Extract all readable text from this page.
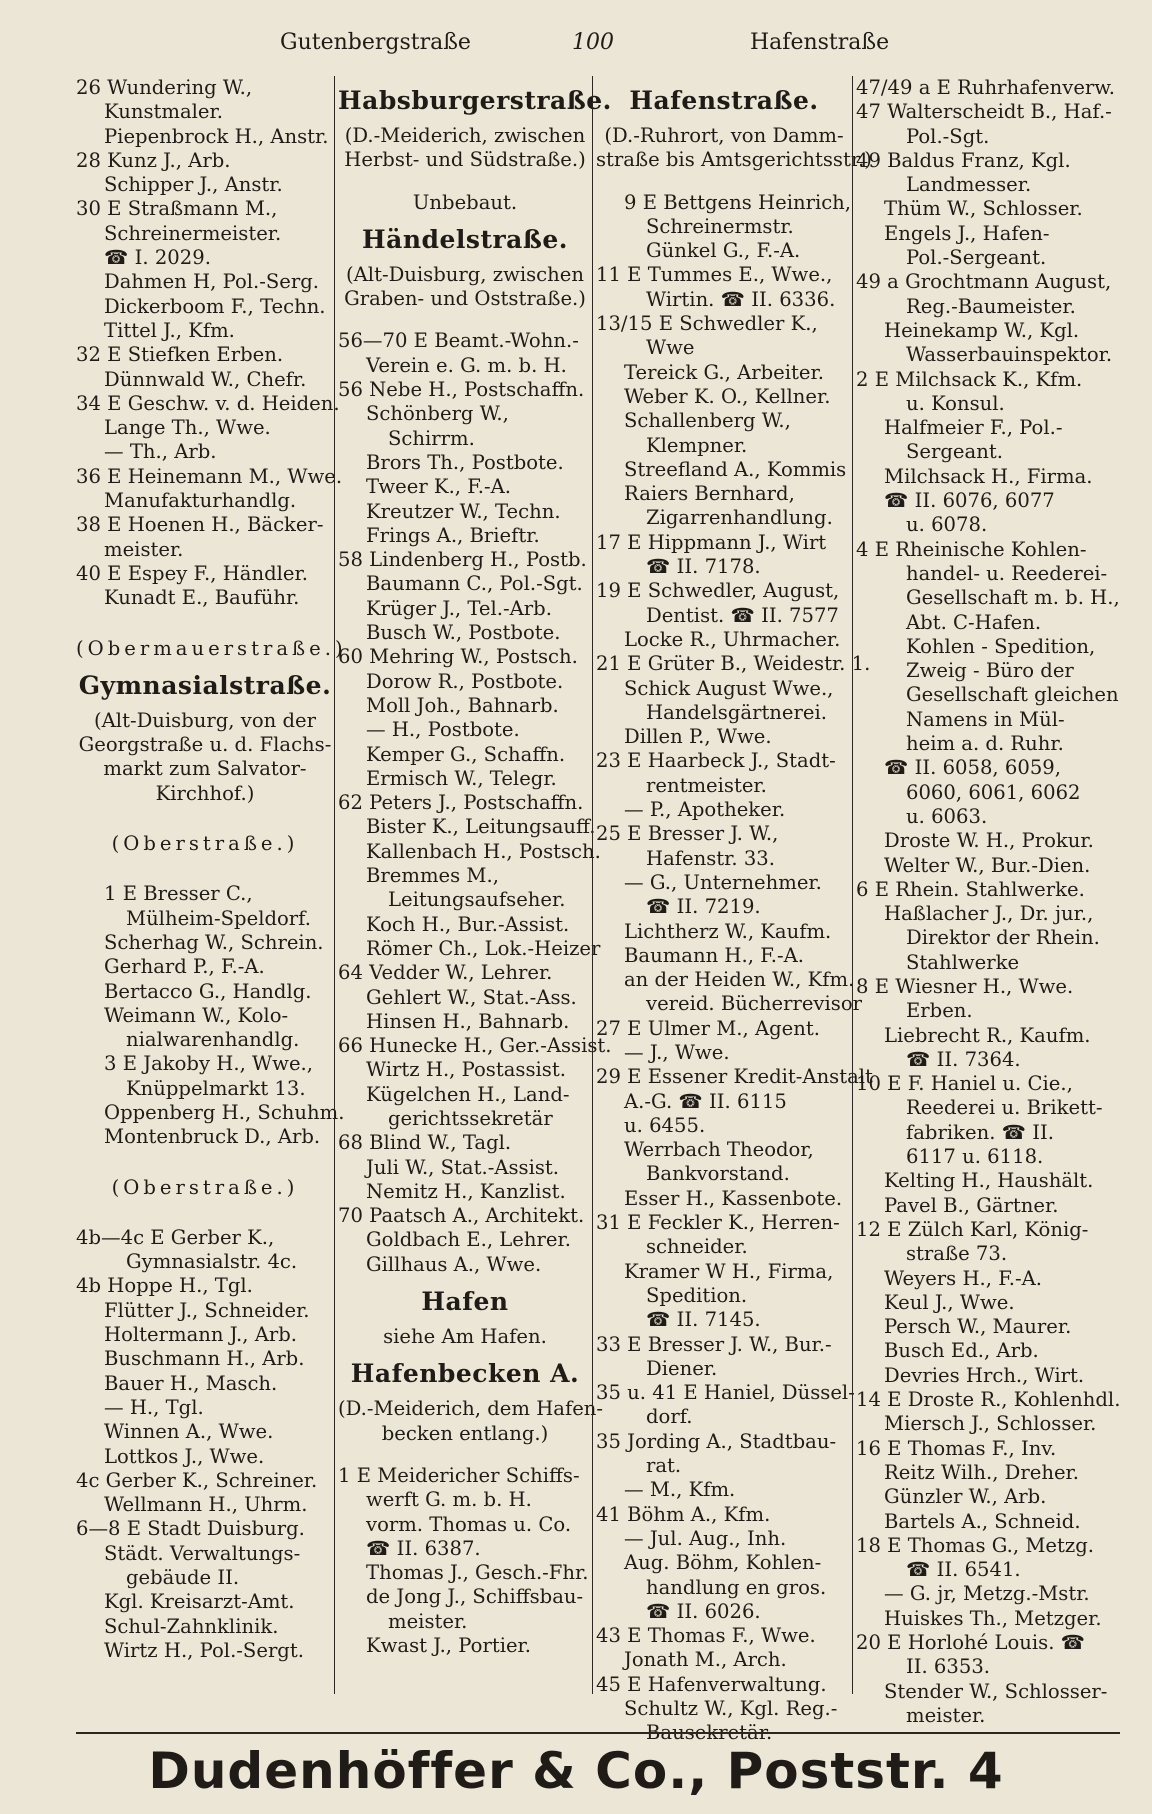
Gutenbergstraße	100	Hafenstraße
26 Wundering W.,
Kunstmaler.
Piepenbrock H., Anstr.
28 Kunz J., Arb.
Schipper J., Anstr.
30 E Straßmann M.,
Schreinermeister.
☎ I. 2029.
Dahmen H, Pol.-Serg.
Dickerboom F., Techn.
Tittel J., Kfm.
32 E Stiefken Erben.
Dünnwald W., Chefr.
34 E Geschw. v. d. Heiden.
Lange Th., Wwe.
— Th., Arb.
36 E Heinemann M., Wwe.
Manufakturhandlg.
38 E Hoenen H., Bäcker-
meister.
40 E Espey F., Händler.
Kunadt E., Bauführ.
(Obermauerstraße.)
Gymnasialstraße.
(Alt-Duisburg, von der
Georgstraße u. d. Flachs-
markt zum Salvator-
Kirchhof.)
(Oberstraße.)
1 E Bresser C.,
Mülheim-Speldorf.
Scherhag W., Schrein.
Gerhard P., F.-A.
Bertacco G., Handlg.
Weimann W., Kolo-
nialwarenhandlg.
3 E Jakoby H., Wwe.,
Knüppelmarkt 13.
Oppenberg H., Schuhm.
Montenbruck D., Arb.
(Oberstraße.)
4b—4c E Gerber K.,
Gymnasialstr. 4c.
4b Hoppe H., Tgl.
Flütter J., Schneider.
Holtermann J., Arb.
Buschmann H., Arb.
Bauer H., Masch.
— H., Tgl.
Winnen A., Wwe.
Lottkos J., Wwe.
4c Gerber K., Schreiner.
Wellmann H., Uhrm.
6—8 E Stadt Duisburg.
Städt. Verwaltungs-
gebäude II.
Kgl. Kreisarzt-Amt.
Schul-Zahnklinik.
Wirtz H., Pol.-Sergt.
Habsburgerstraße.
(D.-Meiderich, zwischen
Herbst- und Südstraße.)
Unbebaut.
Händelstraße.
(Alt-Duisburg, zwischen
Graben- und Oststraße.)
56—70 E Beamt.-Wohn.-
Verein e. G. m. b. H.
56 Nebe H., Postschaffn.
Schönberg W.,
Schirrm.
Brors Th., Postbote.
Tweer K., F.-A.
Kreutzer W., Techn.
Frings A., Brieftr.
58 Lindenberg H., Postb.
Baumann C., Pol.-Sgt.
Krüger J., Tel.-Arb.
Busch W., Postbote.
60 Mehring W., Postsch.
Dorow R., Postbote.
Moll Joh., Bahnarb.
— H., Postbote.
Kemper G., Schaffn.
Ermisch W., Telegr.
62 Peters J., Postschaffn.
Bister K., Leitungsauff.
Kallenbach H., Postsch.
Bremmes M.,
Leitungsaufseher.
Koch H., Bur.-Assist.
Römer Ch., Lok.-Heizer
64 Vedder W., Lehrer.
Gehlert W., Stat.-Ass.
Hinsen H., Bahnarb.
66 Hunecke H., Ger.-Assist.
Wirtz H., Postassist.
Kügelchen H., Land-
gerichtssekretär
68 Blind W., Tagl.
Juli W., Stat.-Assist.
Nemitz H., Kanzlist.
70 Paatsch A., Architekt.
Goldbach E., Lehrer.
Gillhaus A., Wwe.
Hafen
siehe Am Hafen.
Hafenbecken A.
(D.-Meiderich, dem Hafen-
becken entlang.)
1 E Meidericher Schiffs-
werft G. m. b. H.
vorm. Thomas u. Co.
☎ II. 6387.
Thomas J., Gesch.-Fhr.
de Jong J., Schiffsbau-
meister.
Kwast J., Portier.
Hafenstraße.
(D.-Ruhrort, von Damm-
straße bis Amtsgerichtsstr.)
9 E Bettgens Heinrich,
Schreinermstr.
Günkel G., F.-A.
11 E Tummes E., Wwe.,
Wirtin. ☎ II. 6336.
13/15 E Schwedler K.,
Wwe
Tereick G., Arbeiter.
Weber K. O., Kellner.
Schallenberg W.,
Klempner.
Streefland A., Kommis
Raiers Bernhard,
Zigarrenhandlung.
17 E Hippmann J., Wirt
☎ II. 7178.
19 E Schwedler, August,
Dentist. ☎ II. 7577
Locke R., Uhrmacher.
21 E Grüter B., Weidestr. 1.
Schick August Wwe.,
Handelsgärtnerei.
Dillen P., Wwe.
23 E Haarbeck J., Stadt-
rentmeister.
— P., Apotheker.
25 E Bresser J. W.,
Hafenstr. 33.
— G., Unternehmer.
☎ II. 7219.
Lichtherz W., Kaufm.
Baumann H., F.-A.
an der Heiden W., Kfm.
vereid. Bücherrevisor
27 E Ulmer M., Agent.
— J., Wwe.
29 E Essener Kredit-Anstalt
A.-G. ☎ II. 6115
u. 6455.
Werrbach Theodor,
Bankvorstand.
Esser H., Kassenbote.
31 E Feckler K., Herren-
schneider.
Kramer W H., Firma,
Spedition.
☎ II. 7145.
33 E Bresser J. W., Bur.-
Diener.
35 u. 41 E Haniel, Düssel-
dorf.
35 Jording A., Stadtbau-
rat.
— M., Kfm.
41 Böhm A., Kfm.
— Jul. Aug., Inh.
Aug. Böhm, Kohlen-
handlung en gros.
☎ II. 6026.
43 E Thomas F., Wwe.
Jonath M., Arch.
45 E Hafenverwaltung.
Schultz W., Kgl. Reg.-
Bausekretär.
47/49 a E Ruhrhafenverw.
47 Walterscheidt B., Haf.-
Pol.-Sgt.
49 Baldus Franz, Kgl.
Landmesser.
Thüm W., Schlosser.
Engels J., Hafen-
Pol.-Sergeant.
49 a Grochtmann August,
Reg.-Baumeister.
Heinekamp W., Kgl.
Wasserbauinspektor.
2 E Milchsack K., Kfm.
u. Konsul.
Halfmeier F., Pol.-
Sergeant.
Milchsack H., Firma.
☎ II. 6076, 6077
u. 6078.
4 E Rheinische Kohlen-
handel- u. Reederei-
Gesellschaft m. b. H.,
Abt. C-Hafen.
Kohlen - Spedition,
Zweig - Büro der
Gesellschaft gleichen
Namens in Mül-
heim a. d. Ruhr.
☎ II. 6058, 6059,
6060, 6061, 6062
u. 6063.
Droste W. H., Prokur.
Welter W., Bur.-Dien.
6 E Rhein. Stahlwerke.
Haßlacher J., Dr. jur.,
Direktor der Rhein.
Stahlwerke
8 E Wiesner H., Wwe.
Erben.
Liebrecht R., Kaufm.
☎ II. 7364.
10 E F. Haniel u. Cie.,
Reederei u. Brikett-
fabriken. ☎ II.
6117 u. 6118.
Kelting H., Haushält.
Pavel B., Gärtner.
12 E Zülch Karl, König-
straße 73.
Weyers H., F.-A.
Keul J., Wwe.
Persch W., Maurer.
Busch Ed., Arb.
Devries Hrch., Wirt.
14 E Droste R., Kohlenhdl.
Miersch J., Schlosser.
16 E Thomas F., Inv.
Reitz Wilh., Dreher.
Günzler W., Arb.
Bartels A., Schneid.
18 E Thomas G., Metzg.
☎ II. 6541.
— G. jr, Metzg.-Mstr.
Huiskes Th., Metzger.
20 E Horlohé Louis. ☎
II. 6353.
Stender W., Schlosser-
meister.
Dudenhöffer & Co., Poststr. 4
